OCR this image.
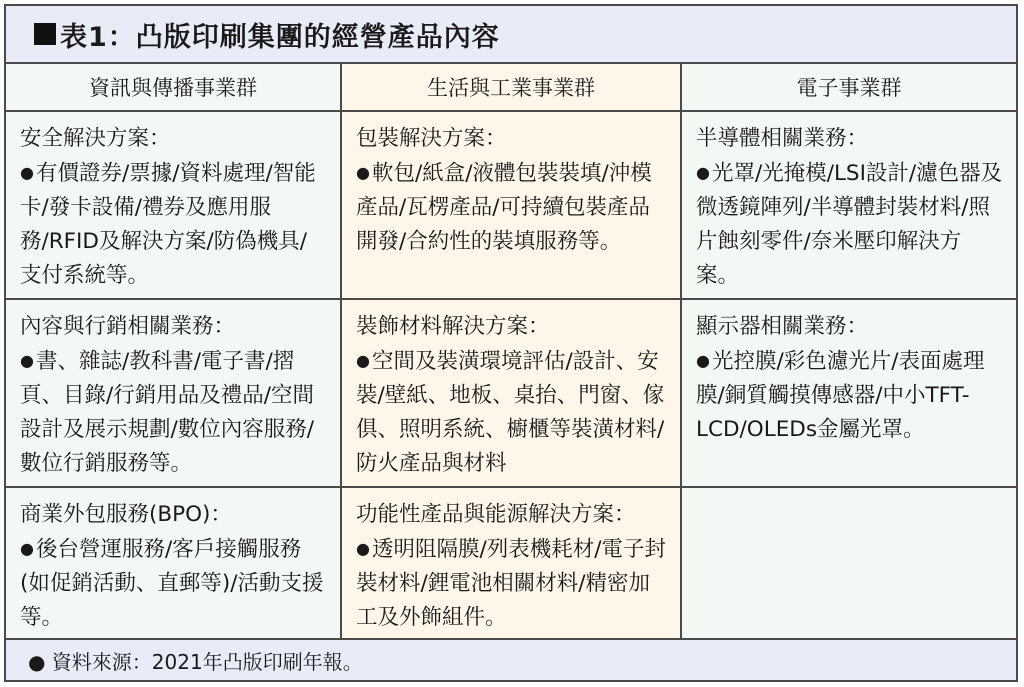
表1：凸版印刷集團的經營產品內容
資訊與傳播事業群	生活與工業事業群	電子事業群
安全解決方案：
●有價證券/票據/資料處理/智能卡/發卡設備/禮券及應用服務/RFID及解決方案/防偽機具/支付系統等。
包裝解決方案：
●軟包/紙盒/液體包裝裝填/沖模產品/瓦楞產品/可持續包裝產品開發/合約性的裝填服務等。
半導體相關業務：
●光罩/光掩模/LSI設計/濾色器及微透鏡陣列/半導體封裝材料/照片蝕刻零件/奈米壓印解決方案。
內容與行銷相關業務：
●書、雜誌/教科書/電子書/摺頁、目錄/行銷用品及禮品/空間設計及展示規劃/數位內容服務/數位行銷服務等。
裝飾材料解決方案：
●空間及裝潢環境評估/設計、安裝/壁紙、地板、桌抬、門窗、傢俱、照明系統、櫥櫃等裝潢材料/防火產品與材料
顯示器相關業務：
●光控膜/彩色濾光片/表面處理膜/銅質觸摸傳感器/中小TFT-LCD/OLEDs金屬光罩。
商業外包服務(BPO)：
●後台營運服務/客戶接觸服務(如促銷活動、直郵等)/活動支援等。
功能性產品與能源解決方案：
●透明阻隔膜/列表機耗材/電子封裝材料/鋰電池相關材料/精密加工及外飾組件。
● 資料來源：2021年凸版印刷年報。
